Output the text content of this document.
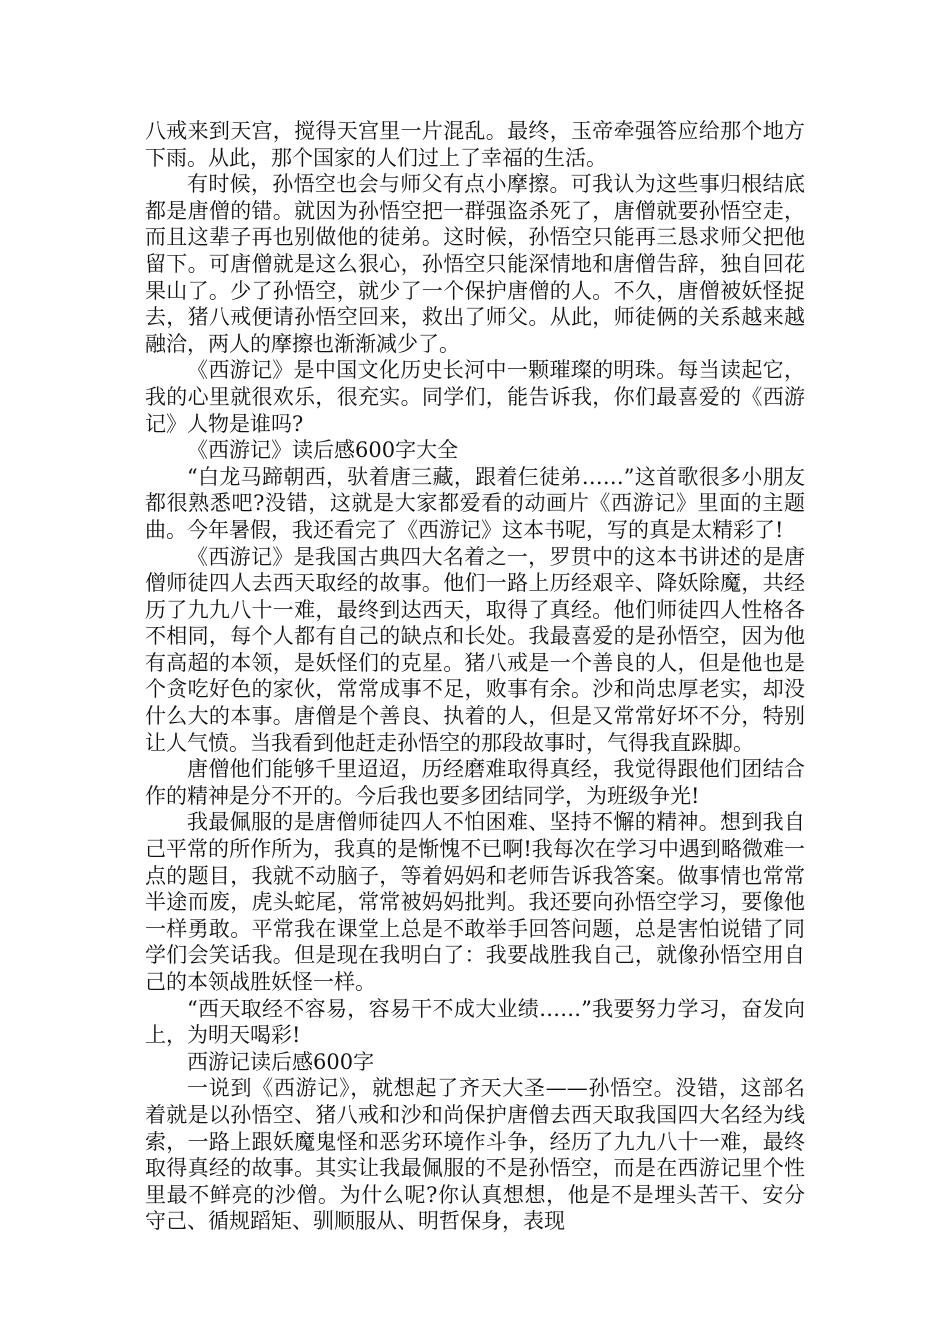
八戒来到天宫，搅得天宫里一片混乱。最终，玉帝牵强答应给那个地方下雨。从此，那个国家的人们过上了幸福的生活。

有时候，孙悟空也会与师父有点小摩擦。可我认为这些事归根结底都是唐僧的错。就因为孙悟空把一群强盗杀死了，唐僧就要孙悟空走，而且这辈子再也别做他的徒弟。这时候，孙悟空只能再三恳求师父把他留下。可唐僧就是这么狠心，孙悟空只能深情地和唐僧告辞，独自回花果山了。少了孙悟空，就少了一个保护唐僧的人。不久，唐僧被妖怪捉去，猪八戒便请孙悟空回来，救出了师父。从此，师徒俩的关系越来越融洽，两人的摩擦也渐渐减少了。

《西游记》是中国文化历史长河中一颗璀璨的明珠。每当读起它，我的心里就很欢乐，很充实。同学们，能告诉我，你们最喜爱的《西游记》人物是谁吗?

《西游记》读后感600字大全

“白龙马蹄朝西，驮着唐三藏，跟着仨徒弟……”这首歌很多小朋友都很熟悉吧?没错，这就是大家都爱看的动画片《西游记》里面的主题曲。今年暑假，我还看完了《西游记》这本书呢，写的真是太精彩了!

《西游记》是我国古典四大名着之一，罗贯中的这本书讲述的是唐僧师徒四人去西天取经的故事。他们一路上历经艰辛、降妖除魔，共经历了九九八十一难，最终到达西天，取得了真经。他们师徒四人性格各不相同，每个人都有自己的缺点和长处。我最喜爱的是孙悟空，因为他有高超的本领，是妖怪们的克星。猪八戒是一个善良的人，但是他也是个贪吃好色的家伙，常常成事不足，败事有余。沙和尚忠厚老实，却没什么大的本事。唐僧是个善良、执着的人，但是又常常好坏不分，特别让人气愤。当我看到他赶走孙悟空的那段故事时，气得我直跺脚。

唐僧他们能够千里迢迢，历经磨难取得真经，我觉得跟他们团结合作的精神是分不开的。今后我也要多团结同学，为班级争光!

我最佩服的是唐僧师徒四人不怕困难、坚持不懈的精神。想到我自己平常的所作所为，我真的是惭愧不已啊!我每次在学习中遇到略微难一点的题目，我就不动脑子，等着妈妈和老师告诉我答案。做事情也常常半途而废，虎头蛇尾，常常被妈妈批判。我还要向孙悟空学习，要像他一样勇敢。平常我在课堂上总是不敢举手回答问题，总是害怕说错了同学们会笑话我。但是现在我明白了：我要战胜我自己，就像孙悟空用自己的本领战胜妖怪一样。

“西天取经不容易，容易干不成大业绩……”我要努力学习，奋发向上，为明天喝彩!

西游记读后感600字

一说到《西游记》，就想起了齐天大圣——孙悟空。没错，这部名着就是以孙悟空、猪八戒和沙和尚保护唐僧去西天取我国四大名经为线索，一路上跟妖魔鬼怪和恶劣环境作斗争，经历了九九八十一难，最终取得真经的故事。其实让我最佩服的不是孙悟空，而是在西游记里个性里最不鲜亮的沙僧。为什么呢?你认真想想，他是不是埋头苦干、安分守己、循规蹈矩、驯顺服从、明哲保身，表现
